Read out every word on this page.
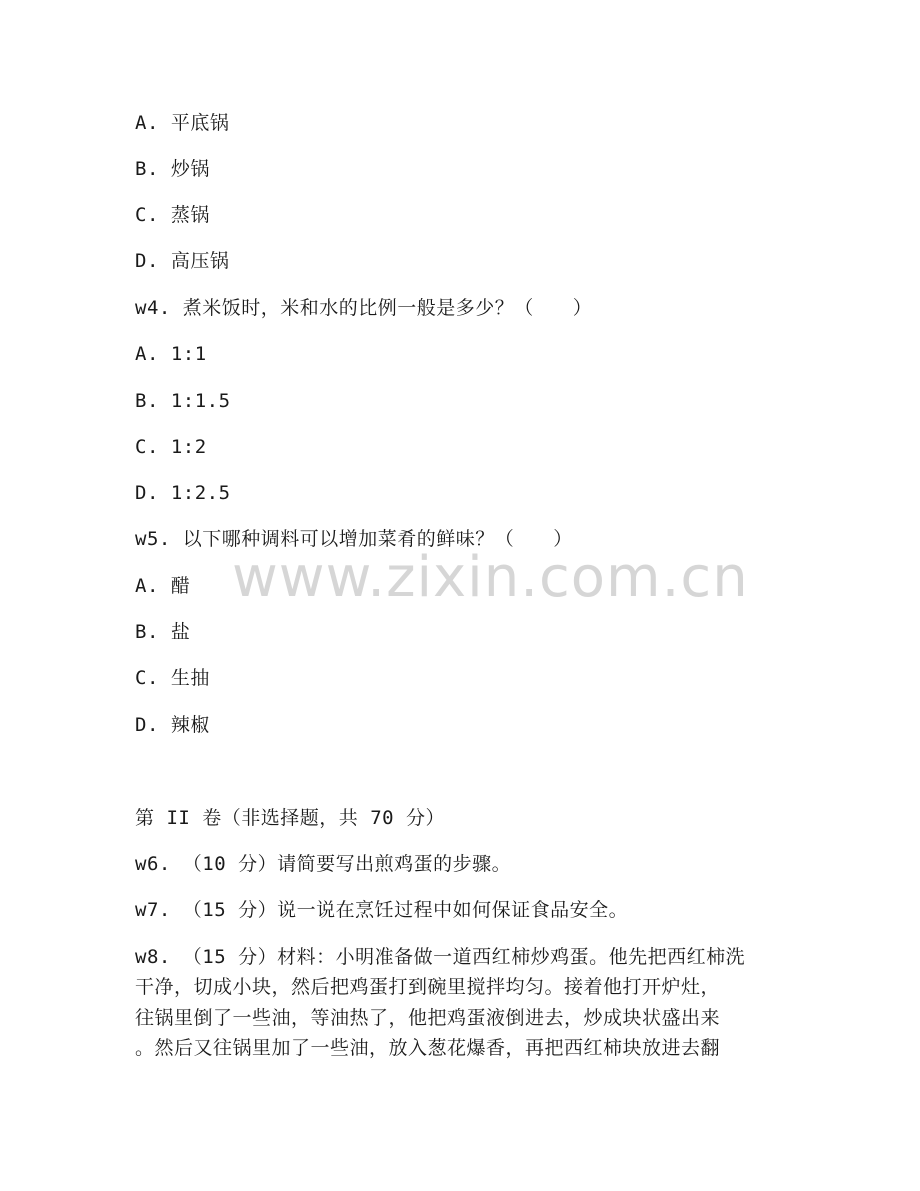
A. 平底锅
B. 炒锅
C. 蒸锅
D. 高压锅
w4. 煮米饭时，米和水的比例一般是多少？（　　）
A. 1:1
B. 1:1.5
C. 1:2
D. 1:2.5
w5. 以下哪种调料可以增加菜肴的鲜味？（　　）
A. 醋
B. 盐
C. 生抽
D. 辣椒
第 II 卷（非选择题，共 70 分）
w6. （10 分）请简要写出煎鸡蛋的步骤。
w7. （15 分）说一说在烹饪过程中如何保证食品安全。
w8. （15 分）材料：小明准备做一道西红柿炒鸡蛋。他先把西红柿洗
干净，切成小块，然后把鸡蛋打到碗里搅拌均匀。接着他打开炉灶，
往锅里倒了一些油，等油热了，他把鸡蛋液倒进去，炒成块状盛出来
。然后又往锅里加了一些油，放入葱花爆香，再把西红柿块放进去翻
www.zixin.com.cn
